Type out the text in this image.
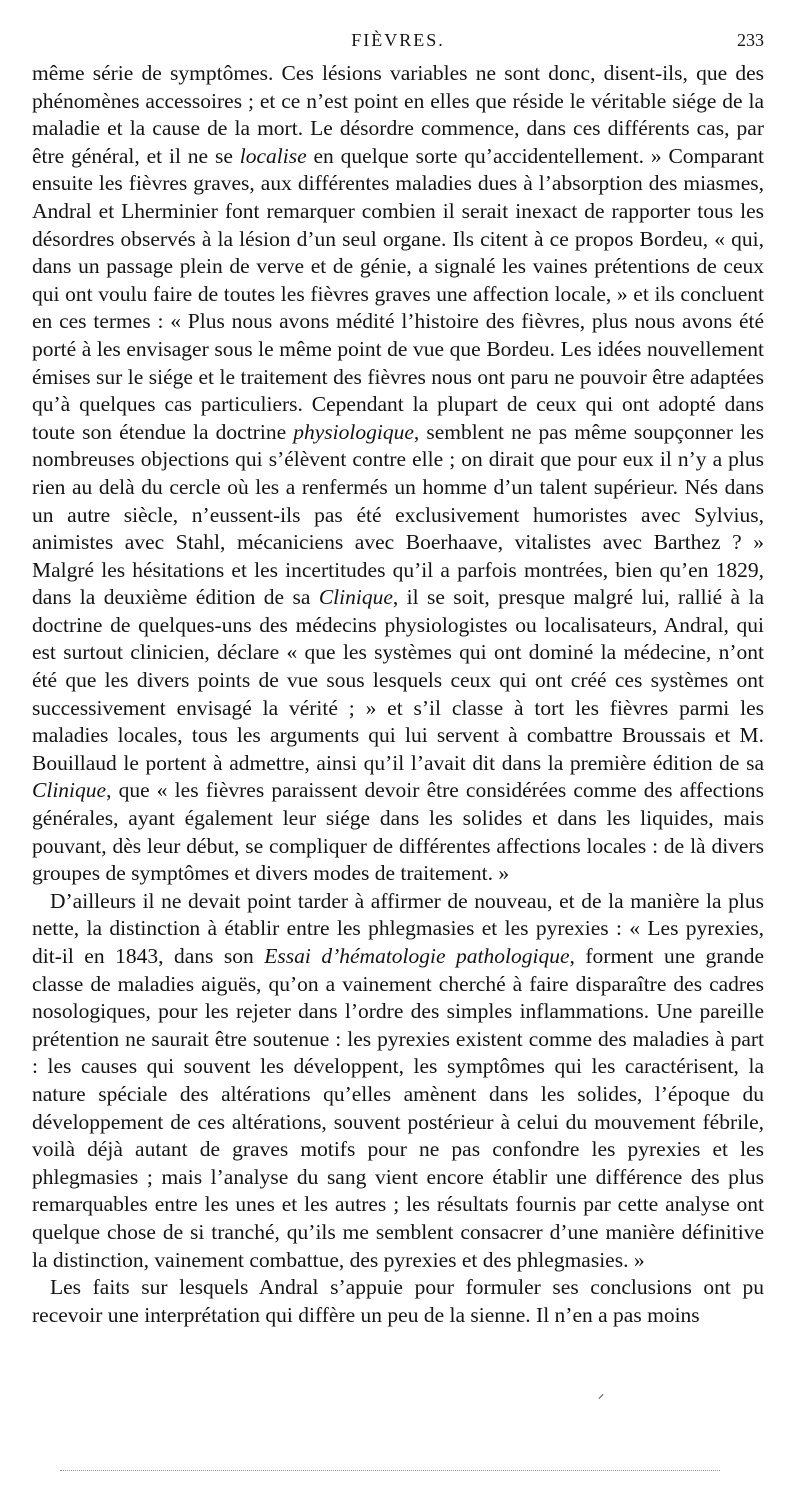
FIÈVRES.	233

même série de symptômes. Ces lésions variables ne sont donc, disent-ils, que des phénomènes accessoires ; et ce n’est point en elles que réside le véritable siége de la maladie et la cause de la mort. Le désordre commence, dans ces différents cas, par être général, et il ne se localise en quelque sorte qu’accidentellement. » Comparant ensuite les fièvres graves, aux différentes maladies dues à l’absorption des miasmes, Andral et Lherminier font remarquer combien il serait inexact de rapporter tous les désordres observés à la lésion d’un seul organe. Ils citent à ce propos Bordeu, « qui, dans un passage plein de verve et de génie, a signalé les vaines prétentions de ceux qui ont voulu faire de toutes les fièvres graves une affection locale, » et ils concluent en ces termes : « Plus nous avons médité l’histoire des fièvres, plus nous avons été porté à les envisager sous le même point de vue que Bordeu. Les idées nouvellement émises sur le siége et le traitement des fièvres nous ont paru ne pouvoir être adaptées qu’à quelques cas particuliers. Cependant la plupart de ceux qui ont adopté dans toute son étendue la doctrine physiologique, semblent ne pas même soupçonner les nombreuses objections qui s’élèvent contre elle ; on dirait que pour eux il n’y a plus rien au delà du cercle où les a renfermés un homme d’un talent supérieur. Nés dans un autre siècle, n’eussent-ils pas été exclusivement humoristes avec Sylvius, animistes avec Stahl, mécaniciens avec Boerhaave, vitalistes avec Barthez ? » Malgré les hésitations et les incertitudes qu’il a parfois montrées, bien qu’en 1829, dans la deuxième édition de sa Clinique, il se soit, presque malgré lui, rallié à la doctrine de quelques-uns des médecins physiologistes ou localisateurs, Andral, qui est surtout clinicien, déclare « que les systèmes qui ont dominé la médecine, n’ont été que les divers points de vue sous lesquels ceux qui ont créé ces systèmes ont successivement envisagé la vérité ; » et s’il classe à tort les fièvres parmi les maladies locales, tous les arguments qui lui servent à combattre Broussais et M. Bouillaud le portent à admettre, ainsi qu’il l’avait dit dans la première édition de sa Clinique, que « les fièvres paraissent devoir être considérées comme des affections générales, ayant également leur siége dans les solides et dans les liquides, mais pouvant, dès leur début, se compliquer de différentes affections locales : de là divers groupes de symptômes et divers modes de traitement. »

D’ailleurs il ne devait point tarder à affirmer de nouveau, et de la manière la plus nette, la distinction à établir entre les phlegmasies et les pyrexies : « Les pyrexies, dit-il en 1843, dans son Essai d’hématologie pathologique, forment une grande classe de maladies aiguës, qu’on a vainement cherché à faire disparaître des cadres nosologiques, pour les rejeter dans l’ordre des simples inflammations. Une pareille prétention ne saurait être soutenue : les pyrexies existent comme des maladies à part : les causes qui souvent les développent, les symptômes qui les caractérisent, la nature spéciale des altérations qu’elles amènent dans les solides, l’époque du développement de ces altérations, souvent postérieur à celui du mouvement fébrile, voilà déjà autant de graves motifs pour ne pas confondre les pyrexies et les phlegmasies ; mais l’analyse du sang vient encore établir une différence des plus remarquables entre les unes et les autres ; les résultats fournis par cette analyse ont quelque chose de si tranché, qu’ils me semblent consacrer d’une manière définitive la distinction, vainement combattue, des pyrexies et des phlegmasies. »

Les faits sur lesquels Andral s’appuie pour formuler ses conclusions ont pu recevoir une interprétation qui diffère un peu de la sienne. Il n’en a pas moins
